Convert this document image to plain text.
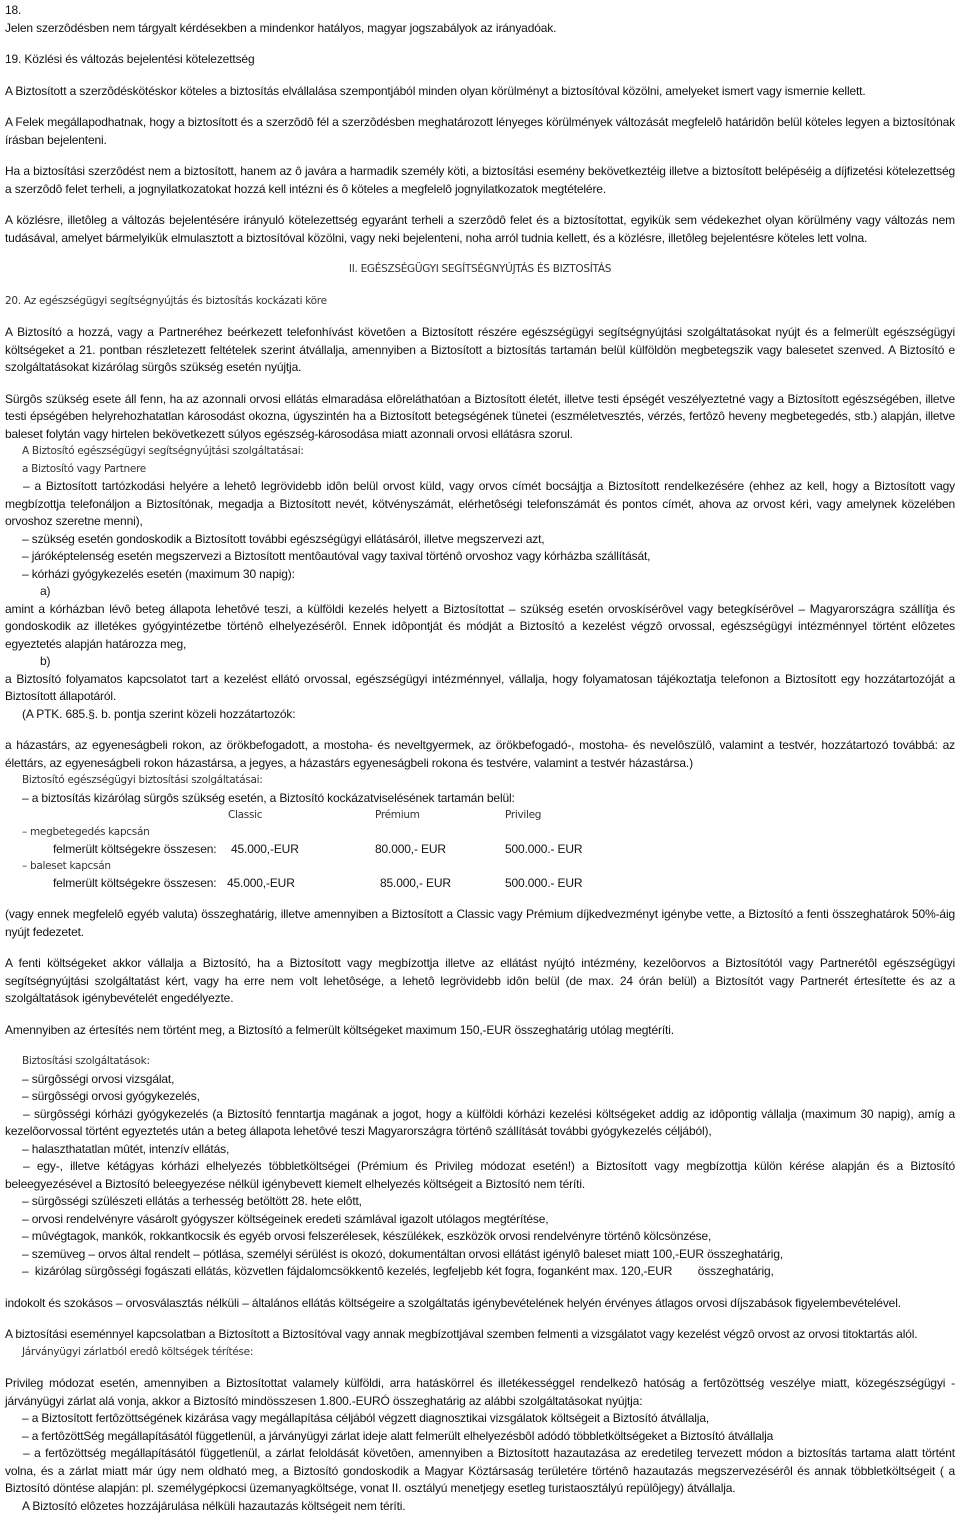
18.

Jelen szerzôdésben nem tárgyalt kérdésekben a mindenkor hatályos, magyar jogszabályok az irányadóak.

19. Közlési és változás bejelentési kötelezettség

A Biztosított a szerzôdéskötéskor köteles a biztosítás elvállalása szempontjából minden olyan körülményt a biztosítóval közölni, amelyeket ismert vagy ismernie kellett.

A Felek megállapodhatnak, hogy a biztosított és a szerzôdô fél a szerzôdésben meghatározott lényeges körülmények változását megfelelô határidôn belül köteles legyen a biztosítónak írásban bejelenteni.

Ha a biztosítási szerzôdést nem a biztosított, hanem az ô javára a harmadik személy köti, a biztosítási esemény bekövetkeztéig illetve a biztosított belépéséig a díjfizetési kötelezettség a szerzôdô felet terheli, a jognyilatkozatokat hozzá kell intézni és ô köteles a megfelelô jognyilatkozatok megtételére.

A közlésre, illetôleg a változás bejelentésére irányuló kötelezettség egyaránt terheli a szerzôdô felet és a biztosítottat, egyikük sem védekezhet olyan körülmény vagy változás nem tudásával, amelyet bármelyikük elmulasztott a biztosítóval közölni, vagy neki bejelenteni, noha arról tudnia kellett, és a közlésre, illetôleg bejelentésre köteles lett volna.

II. EGÉSZSÉGÜGYI SEGÍTSÉGNYÚJTÁS ÉS BIZTOSÍTÁS

20. Az egészségügyi segítségnyújtás és biztosítás kockázati köre

A Biztosító a hozzá, vagy a Partneréhez beérkezett telefonhívást követôen a Biztosított részére egészségügyi segítségnyújtási szolgáltatásokat nyújt és a felmerült egészségügyi költségeket a 21. pontban részletezett feltételek szerint átvállalja, amennyiben a Biztosított a biztosítás tartamán belül külföldön megbetegszik vagy balesetet szenved. A Biztosító e szolgáltatásokat kizárólag sürgôs szükség esetén nyújtja.

Sürgôs szükség esete áll fenn, ha az azonnali orvosi ellátás elmaradása elôreláthatóan a Biztosított életét, illetve testi épségét veszélyeztetné vagy a Biztosított egészségében, illetve testi épségében helyrehozhatatlan károsodást okozna, úgyszintén ha a Biztosított betegségének tünetei (eszméletvesztés, vérzés, fertôzô heveny megbetegedés, stb.) alapján, illetve baleset folytán vagy hirtelen bekövetkezett súlyos egészség-károsodása miatt azonnali orvosi ellátásra szorul.

A Biztosító egészségügyi segítségnyújtási szolgáltatásai:

a Biztosító vagy Partnere

– a Biztosított tartózkodási helyére a lehetô legrövidebb idôn belül orvost küld, vagy orvos címét bocsájtja a Biztosított rendelkezésére (ehhez az kell, hogy a Biztosított vagy megbízottja telefonáljon a Biztosítónak, megadja a Biztosított nevét, kötvényszámát, elérhetôségi telefonszámát és pontos címét, ahova az orvost kéri, vagy amelynek közelében orvoshoz szeretne menni),

– szükség esetén gondoskodik a Biztosított további egészségügyi ellátásáról, illetve megszervezi azt,

– járóképtelenség esetén megszervezi a Biztosított mentôautóval vagy taxival történô orvoshoz vagy kórházba szállítását,

– kórházi gyógykezelés esetén (maximum 30 napig):

a)

amint a kórházban lévô beteg állapota lehetôvé teszi, a külföldi kezelés helyett a Biztosítottat – szükség esetén orvoskísérôvel vagy betegkísérôvel – Magyarországra szállítja és gondoskodik az illetékes gyógyintézetbe történô elhelyezésérôl. Ennek idôpontját és módját a Biztosító a kezelést végzô orvossal, egészségügyi intézménnyel történt elôzetes egyeztetés alapján határozza meg,

b)

a Biztosító folyamatos kapcsolatot tart a kezelést ellátó orvossal, egészségügyi intézménnyel, vállalja, hogy folyamatosan tájékoztatja telefonon a Biztosított egy hozzátartozóját a Biztosított állapotáról.

(A PTK. 685.§. b. pontja szerint közeli hozzátartozók:

a házastárs, az egyeneságbeli rokon, az örökbefogadott, a mostoha- és neveltgyermek, az örökbefogadó-, mostoha- és nevelôszülô, valamint a testvér, hozzátartozó továbbá: az élettárs, az egyeneságbeli rokon házastársa, a jegyes, a házastárs egyeneságbeli rokona és testvére, valamint a testvér házastársa.)

Biztosító egészségügyi biztosítási szolgáltatásai:

– a biztosítás kizárólag sürgôs szükség esetén, a Biztosító kockázatviselésének tartamán belül:

Classic	Prémium	Privileg
– megbetegedés kapcsán
felmerült költségekre összesen: 45.000,-EUR	80.000,- EUR	500.000.- EUR
– baleset kapcsán
felmerült költségekre összesen: 45.000,-EUR	85.000,- EUR	500.000.- EUR

(vagy ennek megfelelô egyéb valuta) összeghatárig, illetve amennyiben a Biztosított a Classic vagy Prémium díjkedvezményt igénybe vette, a Biztosító a fenti összeghatárok 50%-áig nyújt fedezetet.

A fenti költségeket akkor vállalja a Biztosító, ha a Biztosított vagy megbízottja illetve az ellátást nyújtó intézmény, kezelôorvos a Biztosítótól vagy Partnerétôl egészségügyi segítségnyújtási szolgáltatást kért, vagy ha erre nem volt lehetôsége, a lehetô legrövidebb idôn belül (de max. 24 órán belül) a Biztosítót vagy Partnerét értesítette és az a szolgáltatások igénybevételét engedélyezte.

Amennyiben az értesítés nem történt meg, a Biztosító a felmerült költségeket maximum 150,-EUR összeghatárig utólag megtéríti.

Biztosítási szolgáltatások:

– sürgôsségi orvosi vizsgálat,

– sürgôsségi orvosi gyógykezelés,

– sürgôsségi kórházi gyógykezelés (a Biztosító fenntartja magának a jogot, hogy a külföldi kórházi kezelési költségeket addig az idôpontig vállalja (maximum 30 napig), amíg a kezelôorvossal történt egyeztetés után a beteg állapota lehetôvé teszi Magyarországra történô szállítását további gyógykezelés céljából),

– halaszthatatlan mûtét, intenzív ellátás,

– egy-, illetve kétágyas kórházi elhelyezés többletköltségei (Prémium és Privileg módozat esetén!) a Biztosított vagy megbízottja külön kérése alapján és a Biztosító beleegyezésével a Biztosító beleegyezése nélkül igénybevett kiemelt elhelyezés költségeit a Biztosító nem téríti.

– sürgôsségi szülészeti ellátás a terhesség betöltött 28. hete elôtt,

– orvosi rendelvényre vásárolt gyógyszer költségeinek eredeti számlával igazolt utólagos megtérítése,

– mûvégtagok, mankók, rokkantkocsik és egyéb orvosi felszerélesek, készülékek, eszközök orvosi rendelvényre történô kölcsönzése,

– szemüveg – orvos által rendelt – pótlása, személyi sérülést is okozó, dokumentáltan orvosi ellátást igénylô baleset miatt 100,-EUR összeghatárig,

–  kizárólag sürgôsségi fogászati ellátás, közvetlen fájdalomcsökkentô kezelés, legfeljebb két fogra, foganként max. 120,-EUR        összeghatárig,

indokolt és szokásos – orvosválasztás nélküli – általános ellátás költségeire a szolgáltatás igénybevételének helyén érvényes átlagos orvosi díjszabások figyelembevételével.

A biztosítási eseménnyel kapcsolatban a Biztosított a Biztosítóval vagy annak megbízottjával szemben felmenti a vizsgálatot vagy kezelést végzô orvost az orvosi titoktartás alól.

Járványügyi zárlatból eredô költségek térítése:

Privileg módozat esetén, amennyiben a Biztosítottat valamely külföldi, arra hatáskörrel és illetékességgel rendelkezô hatóság a fertôzöttség veszélye miatt, közegészségügyi - járványügyi zárlat alá vonja, akkor a Biztosító mindösszesen 1.800.-EURÓ összeghatárig az alábbi szolgáltatásokat nyújtja:

– a Biztosított fertôzöttségének kizárása vagy megállapítása céljából végzett diagnosztikai vizsgálatok költségeit a Biztosító átvállalja,

– a fertôzöttSég megállapításától függetlenül, a járványügyi zárlat ideje alatt felmerült elhelyezésbôl adódó többletköltségeket a Biztosító átvállalja

– a fertôzöttség megállapításától függetlenül, a zárlat feloldását követôen, amennyiben a Biztosított hazautazása az eredetileg tervezett módon a biztosítás tartama alatt történt volna, és a zárlat miatt már úgy nem oldható meg, a Biztosító gondoskodik a Magyar Köztársaság területére történô hazautazás megszervezésérôl és annak többletköltségeit ( a Biztosító döntése alapján: pl. személygépkocsi üzemanyagköltsége, vonat II. osztályú menetjegy esetleg turistaosztályú repülôjegy) átvállalja.

A Biztosító elôzetes hozzájárulása nélküli hazautazás költségeit nem téríti.
